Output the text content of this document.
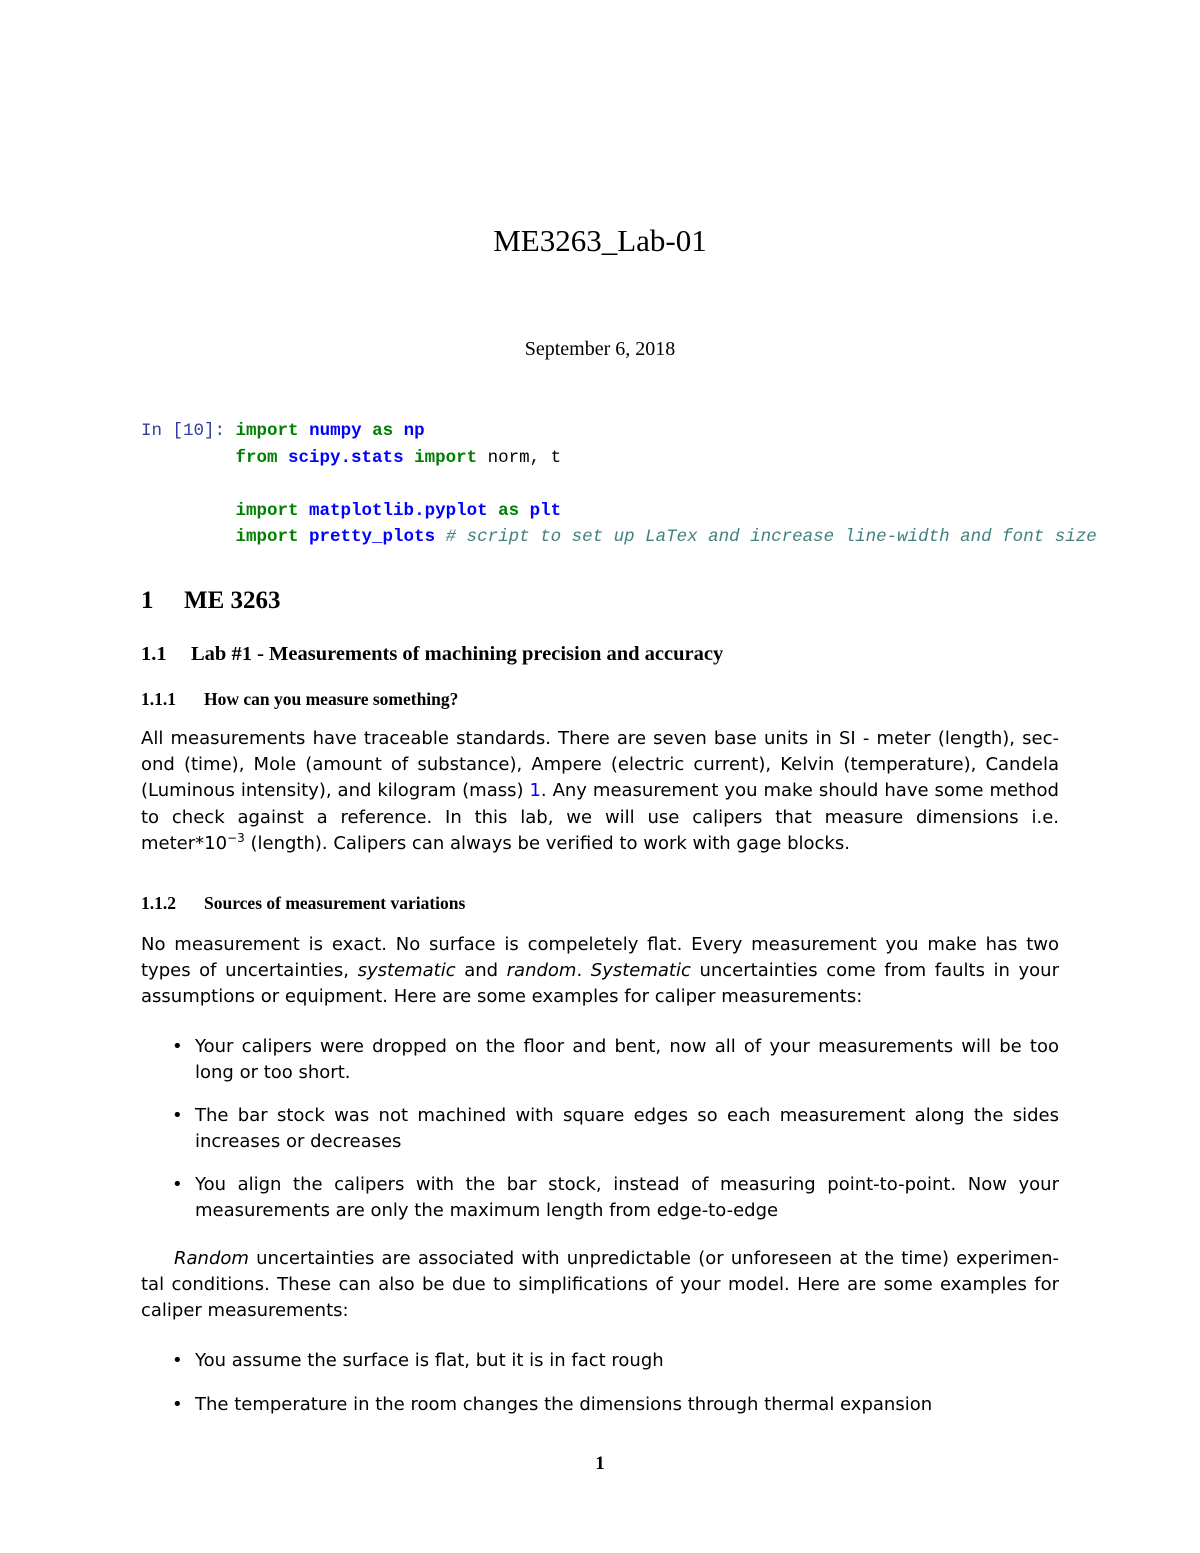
ME3263_Lab-01
September 6, 2018
In [10]: import numpy as np
from scipy.stats import norm, t

import matplotlib.pyplot as plt
import pretty_plots # script to set up LaTex and increase line-width and font size
1 ME 3263
1.1 Lab #1 - Measurements of machining precision and accuracy
1.1.1 How can you measure something?

All measurements have traceable standards. There are seven base units in SI - meter (length), sec- ond (time), Mole (amount of substance), Ampere (electric current), Kelvin (temperature), Candela (Luminous intensity), and kilogram (mass) 1. Any measurement you make should have some method to check against a reference. In this lab, we will use calipers that measure dimensions i.e. $meter*10^{-3}$ (length). Calipers can always be verified to work with gage blocks.

1.1.2 Sources of measurement variations

No measurement is exact. No surface is compeletely flat. Every measurement you make has two types of uncertainties, systematic and random. Systematic uncertainties come from faults in your assumptions or equipment. Here are some examples for caliper measurements:

• Your calipers were dropped on the floor and bent, now all of your measurements will be too long or too short.
• The bar stock was not machined with square edges so each measurement along the sides increases or decreases
• You align the calipers with the bar stock, instead of measuring point-to-point. Now your measurements are only the maximum length from edge-to-edge

Random uncertainties are associated with unpredictable (or unforeseen at the time) experimen- tal conditions. These can also be due to simplifications of your model. Here are some examples for caliper measurements:

• You assume the surface is flat, but it is in fact rough
• The temperature in the room changes the dimensions through thermal expansion
1
